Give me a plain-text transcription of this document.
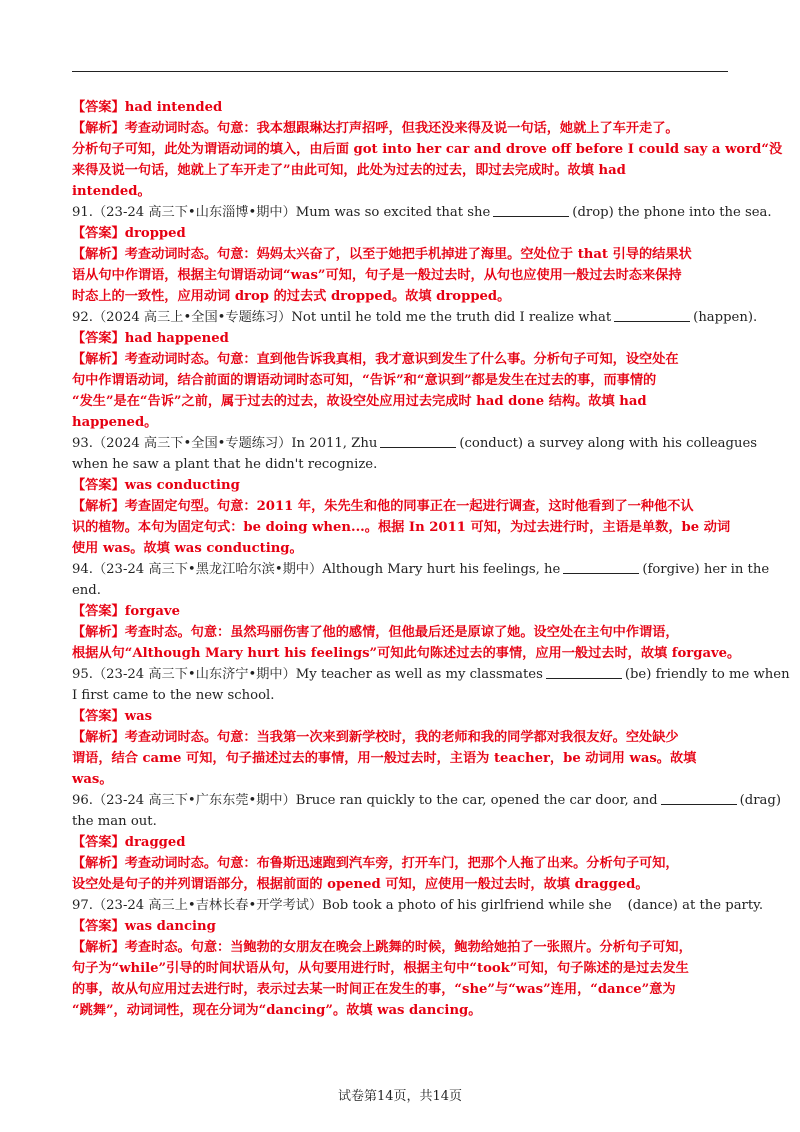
【答案】had intended
【解析】考查动词时态。句意：我本想跟琳达打声招呼，但我还没来得及说一句话，她就上了车开走了。
分析句子可知，此处为谓语动词的填入，由后面 got into her car and drove off before I could say a word“没
来得及说一句话，她就上了车开走了”由此可知，此处为过去的过去，即过去完成时。故填 had
intended。
91.（23-24 高三下•山东淄博•期中）Mum was so excited that she	(drop) the phone into the sea.
【答案】dropped
【解析】考查动词时态。句意：妈妈太兴奋了，以至于她把手机掉进了海里。空处位于 that 引导的结果状
语从句中作谓语，根据主句谓语动词“was”可知，句子是一般过去时，从句也应使用一般过去时态来保持
时态上的一致性，应用动词 drop 的过去式 dropped。故填 dropped。
92.（2024 高三上•全国•专题练习）Not until he told me the truth did I realize what	(happen).
【答案】had happened
【解析】考查动词时态。句意：直到他告诉我真相，我才意识到发生了什么事。分析句子可知，设空处在
句中作谓语动词，结合前面的谓语动词时态可知，“告诉”和“意识到”都是发生在过去的事，而事情的
“发生”是在“告诉”之前，属于过去的过去，故设空处应用过去完成时 had done 结构。故填 had
happened。
93.（2024 高三下•全国•专题练习）In 2011, Zhu	(conduct) a survey along with his colleagues
when he saw a plant that he didn't recognize.
【答案】was conducting
【解析】考查固定句型。句意：2011 年，朱先生和他的同事正在一起进行调查，这时他看到了一种他不认
识的植物。本句为固定句式：be doing when...。根据 In 2011 可知，为过去进行时，主语是单数，be 动词
使用 was。故填 was conducting。
94.（23-24 高三下•黑龙江哈尔滨•期中）Although Mary hurt his feelings, he	(forgive) her in the
end.
【答案】forgave
【解析】考查时态。句意：虽然玛丽伤害了他的感情，但他最后还是原谅了她。设空处在主句中作谓语，
根据从句“Although Mary hurt his feelings”可知此句陈述过去的事情，应用一般过去时，故填 forgave。
95.（23-24 高三下•山东济宁•期中）My teacher as well as my classmates	(be) friendly to me when
I first came to the new school.
【答案】was
【解析】考查动词时态。句意：当我第一次来到新学校时，我的老师和我的同学都对我很友好。空处缺少
谓语，结合 came 可知，句子描述过去的事情，用一般过去时，主语为 teacher，be 动词用 was。故填
was。
96.（23-24 高三下•广东东莞•期中）Bruce ran quickly to the car, opened the car door, and	(drag)
the man out.
【答案】dragged
【解析】考查动词时态。句意：布鲁斯迅速跑到汽车旁，打开车门，把那个人拖了出来。分析句子可知，
设空处是句子的并列谓语部分，根据前面的 opened 可知，应使用一般过去时，故填 dragged。
97.（23-24 高三上•吉林长春•开学考试）Bob took a photo of his girlfriend while she (dance) at the party.
【答案】was dancing
【解析】考查时态。句意：当鲍勃的女朋友在晚会上跳舞的时候，鲍勃给她拍了一张照片。分析句子可知，
句子为“while”引导的时间状语从句，从句要用进行时，根据主句中“took”可知，句子陈述的是过去发生
的事，故从句应用过去进行时，表示过去某一时间正在发生的事，“she”与“was”连用，“dance”意为
“跳舞”，动词词性，现在分词为“dancing”。故填 was dancing。
试卷第14页，共14页
